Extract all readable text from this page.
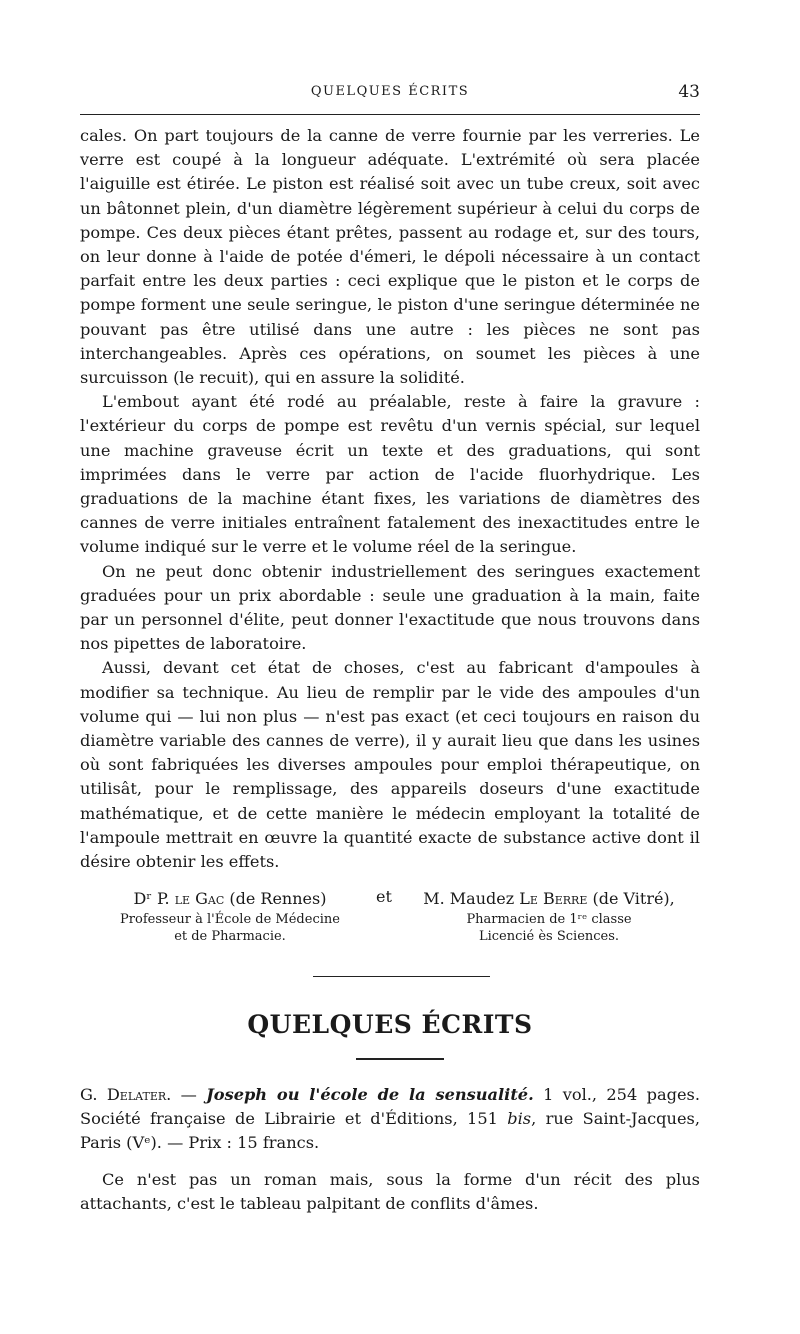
QUELQUES ÉCRITS	43

cales. On part toujours de la canne de verre fournie par les verreries. Le verre est coupé à la longueur adéquate. L'extrémité où sera placée l'aiguille est étirée. Le piston est réalisé soit avec un tube creux, soit avec un bâtonnet plein, d'un diamètre légèrement supérieur à celui du corps de pompe. Ces deux pièces étant prêtes, passent au rodage et, sur des tours, on leur donne à l'aide de potée d'émeri, le dépoli nécessaire à un contact parfait entre les deux parties : ceci explique que le piston et le corps de pompe forment une seule seringue, le piston d'une seringue déterminée ne pouvant pas être utilisé dans une autre : les pièces ne sont pas interchangeables. Après ces opérations, on soumet les pièces à une surcuisson (le recuit), qui en assure la solidité.

L'embout ayant été rodé au préalable, reste à faire la gravure : l'extérieur du corps de pompe est revêtu d'un vernis spécial, sur lequel une machine graveuse écrit un texte et des graduations, qui sont imprimées dans le verre par action de l'acide fluorhydrique. Les graduations de la machine étant fixes, les variations de diamètres des cannes de verre initiales entraînent fatalement des inexactitudes entre le volume indiqué sur le verre et le volume réel de la seringue.

On ne peut donc obtenir industriellement des seringues exactement graduées pour un prix abordable : seule une graduation à la main, faite par un personnel d'élite, peut donner l'exactitude que nous trouvons dans nos pipettes de laboratoire.

Aussi, devant cet état de choses, c'est au fabricant d'ampoules à modifier sa technique. Au lieu de remplir par le vide des ampoules d'un volume qui — lui non plus — n'est pas exact (et ceci toujours en raison du diamètre variable des cannes de verre), il y aurait lieu que dans les usines où sont fabriquées les diverses ampoules pour emploi thérapeutique, on utilisât, pour le remplissage, des appareils doseurs d'une exactitude mathématique, et de cette manière le médecin employant la totalité de l'ampoule mettrait en œuvre la quantité exacte de substance active dont il désire obtenir les effets.

Dʳ P. le Gac (de Rennes)
Professeur à l'École de Médecine
et de Pharmacie.
et	M. Maudez Le Berre (de Vitré),
Pharmacien de 1ʳᵉ classe
Licencié ès Sciences.
QUELQUES ÉCRITS

G. Delater. — Joseph ou l'école de la sensualité. 1 vol., 254 pages. Société française de Librairie et d'Éditions, 151 bis, rue Saint-Jacques, Paris (Vᵉ). — Prix : 15 francs.

Ce n'est pas un roman mais, sous la forme d'un récit des plus attachants, c'est le tableau palpitant de conflits d'âmes.
